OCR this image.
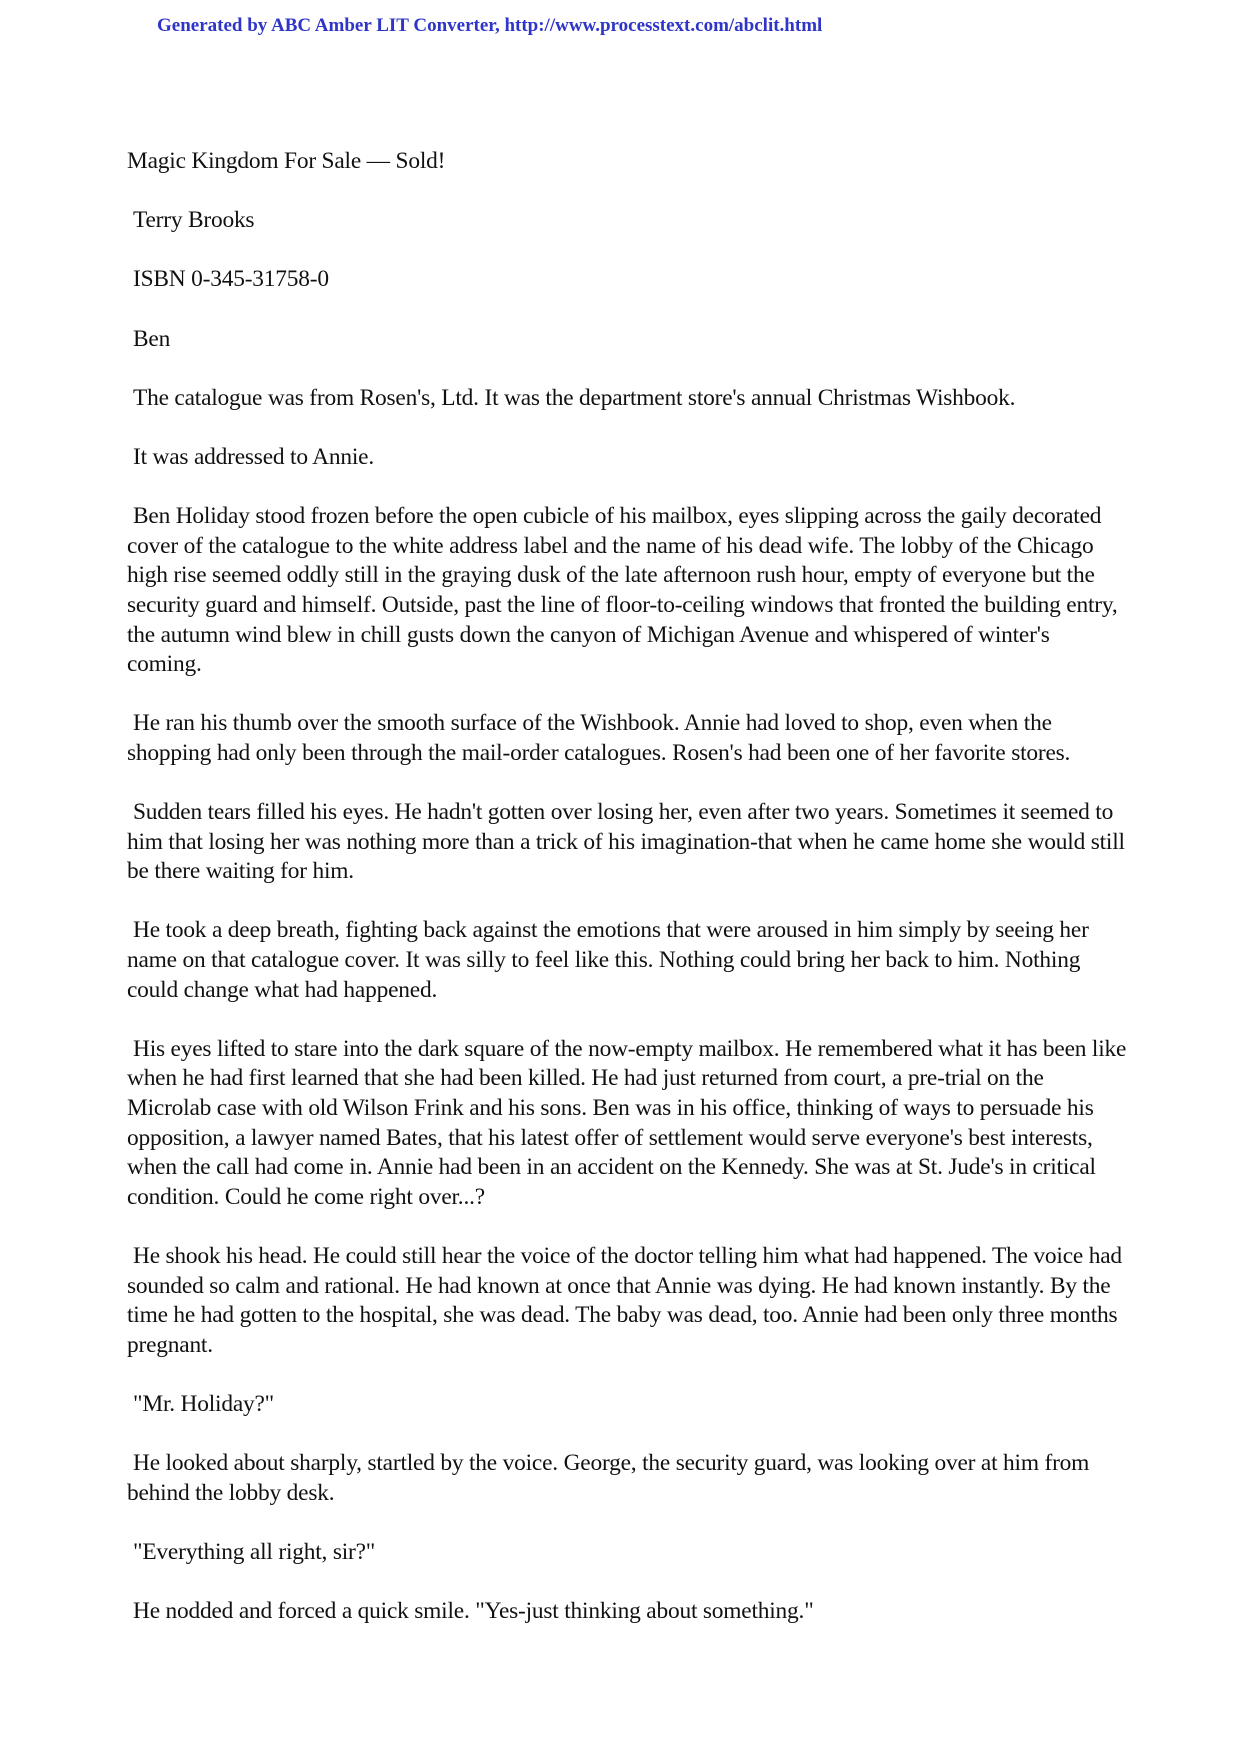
Generated by ABC Amber LIT Converter, http://www.processtext.com/abclit.html

Magic Kingdom For Sale — Sold!

Terry Brooks

ISBN 0-345-31758-0

Ben

The catalogue was from Rosen's, Ltd. It was the department store's annual Christmas Wishbook.

It was addressed to Annie.

Ben Holiday stood frozen before the open cubicle of his mailbox, eyes slipping across the gaily decorated cover of the catalogue to the white address label and the name of his dead wife. The lobby of the Chicago high rise seemed oddly still in the graying dusk of the late afternoon rush hour, empty of everyone but the security guard and himself. Outside, past the line of floor-to-ceiling windows that fronted the building entry, the autumn wind blew in chill gusts down the canyon of Michigan Avenue and whispered of winter's coming.

He ran his thumb over the smooth surface of the Wishbook. Annie had loved to shop, even when the shopping had only been through the mail-order catalogues. Rosen's had been one of her favorite stores.

Sudden tears filled his eyes. He hadn't gotten over losing her, even after two years. Sometimes it seemed to him that losing her was nothing more than a trick of his imagination-that when he came home she would still be there waiting for him.

He took a deep breath, fighting back against the emotions that were aroused in him simply by seeing her name on that catalogue cover. It was silly to feel like this. Nothing could bring her back to him. Nothing could change what had happened.

His eyes lifted to stare into the dark square of the now-empty mailbox. He remembered what it has been like when he had first learned that she had been killed. He had just returned from court, a pre-trial on the Microlab case with old Wilson Frink and his sons. Ben was in his office, thinking of ways to persuade his opposition, a lawyer named Bates, that his latest offer of settlement would serve everyone's best interests, when the call had come in. Annie had been in an accident on the Kennedy. She was at St. Jude's in critical condition. Could he come right over...?

He shook his head. He could still hear the voice of the doctor telling him what had happened. The voice had sounded so calm and rational. He had known at once that Annie was dying. He had known instantly. By the time he had gotten to the hospital, she was dead. The baby was dead, too. Annie had been only three months pregnant.

"Mr. Holiday?"

He looked about sharply, startled by the voice. George, the security guard, was looking over at him from behind the lobby desk.

"Everything all right, sir?"

He nodded and forced a quick smile. "Yes-just thinking about something."
